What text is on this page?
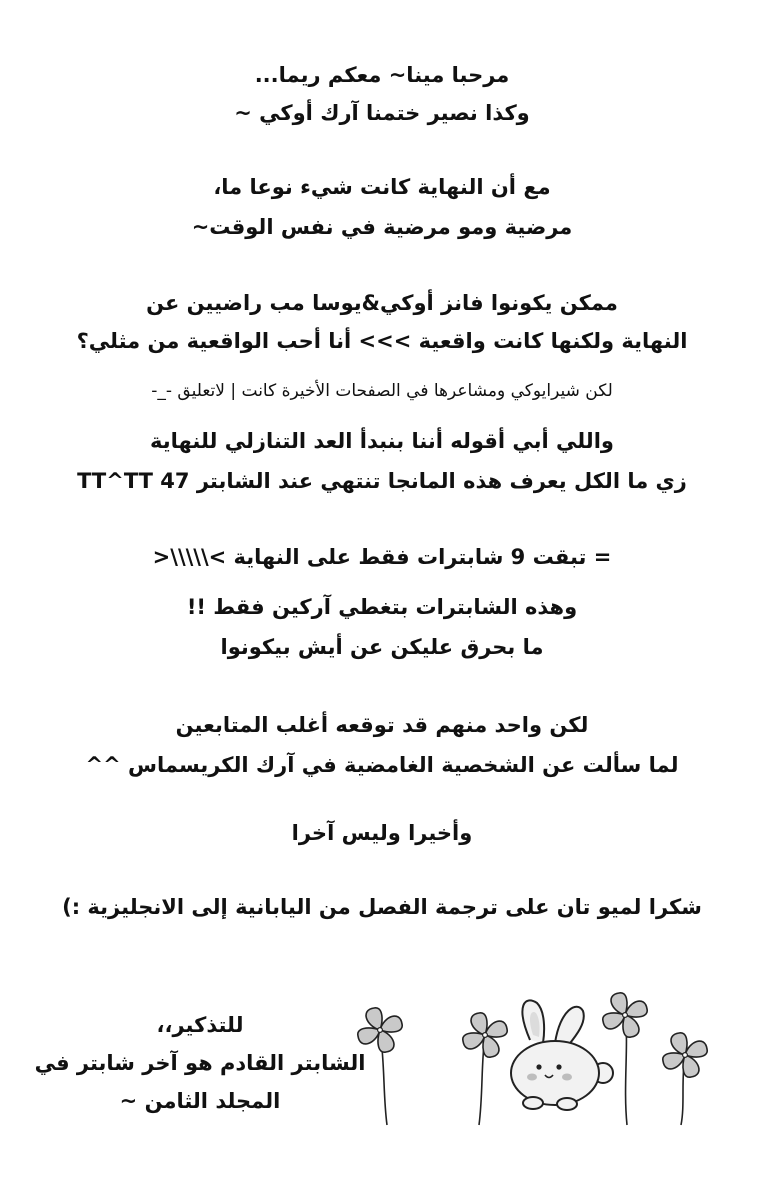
مرحبا مينا~ معكم ريما...
وكذا نصير ختمنا آرك أوكي ~
مع أن النهاية كانت شيء نوعا ما،
مرضية ومو مرضية في نفس الوقت~
ممكن يكونوا فانز أوكي&يوسا مب راضيين عن
النهاية ولكنها كانت واقعية >>> أنا أحب الواقعية من مثلي؟
لكن شيرايوكي ومشاعرها في الصفحات الأخيرة كانت | لاتعليق -_-
واللي أبي أقوله أننا بنبدأ العد التنازلي للنهاية
زي ما الكل يعرف هذه المانجا تنتهي عند الشابتر 47 TT^TT
= تبقت 9 شابترات فقط على النهاية >\\\\\<
وهذه الشابترات بتغطي آركين فقط !!
ما بحرق عليكن عن أيش بيكونوا
لكن واحد منهم قد توقعه أغلب المتابعين
لما سألت عن الشخصية الغامضية في آرك الكريسماس ^^
وأخيرا وليس آخرا
شكرا لميو تان على ترجمة الفصل من اليابانية إلى الانجليزية :)
للتذكير،،
الشابتر القادم هو آخر شابتر في
المجلد الثامن ~
